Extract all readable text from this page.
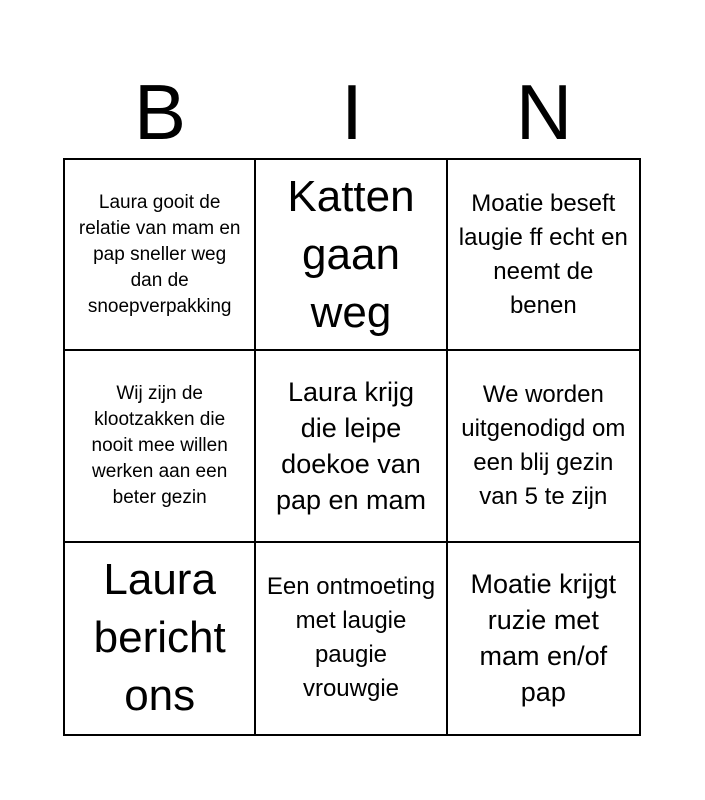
B	I	N
Laura gooit de relatie van mam en pap sneller weg dan de snoepverpakking
Katten gaan weg
Moatie beseft laugie ff echt en neemt de benen
Wij zijn de klootzakken die nooit mee willen werken aan een beter gezin
Laura krijg die leipe doekoe van pap en mam
We worden uitgenodigd om een blij gezin van 5 te zijn
Laura bericht ons
Een ontmoeting met laugie paugie vrouwgie
Moatie krijgt ruzie met mam en/of pap
